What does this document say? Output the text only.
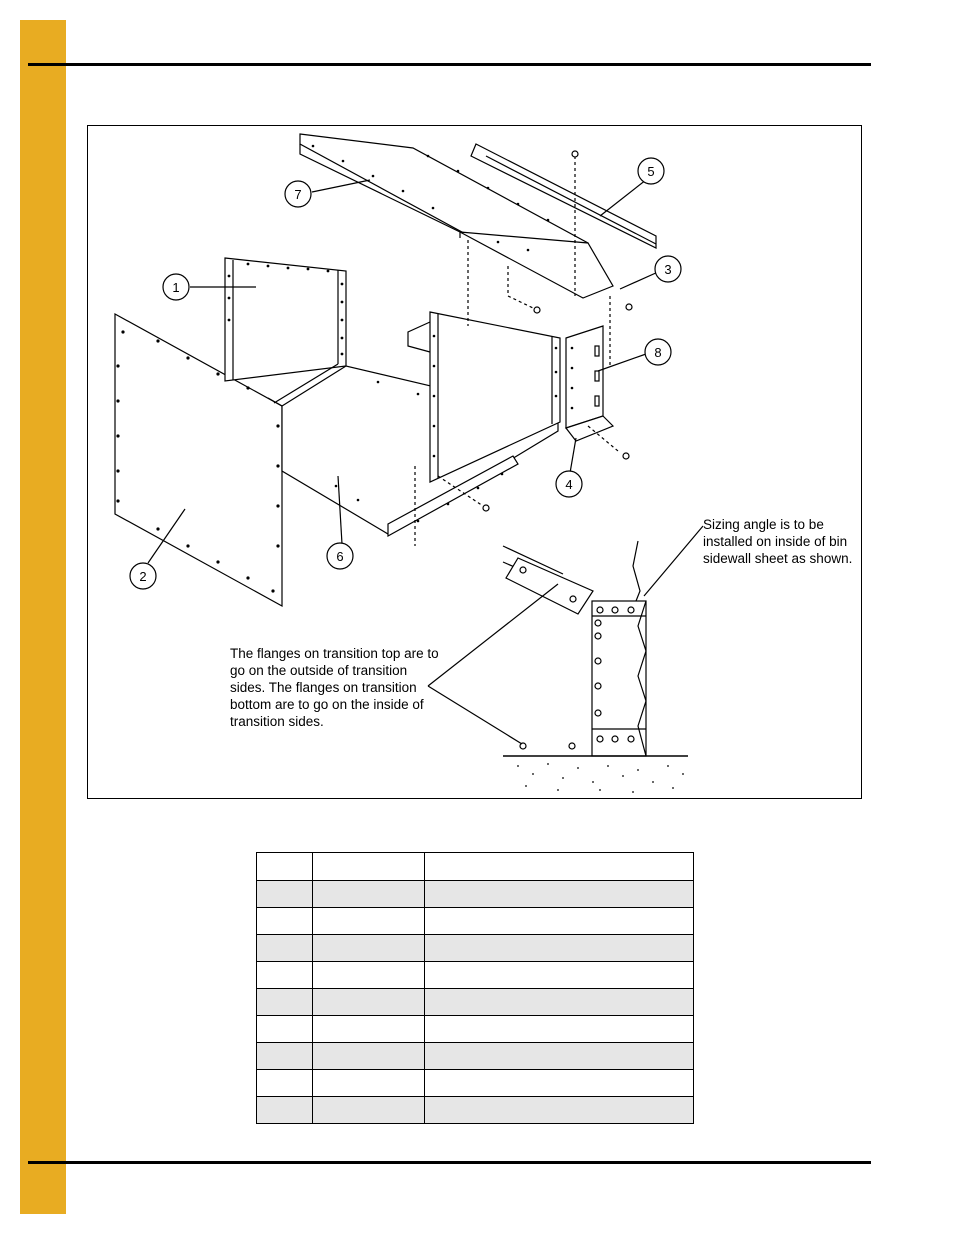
1
2
3
4
5
6
7
8
Sizing angle is to be installed on inside of bin sidewall sheet as shown.
The flanges on transition top are to go on the outside of transition sides. The flanges on transition bottom are to go on the inside of transition sides.
